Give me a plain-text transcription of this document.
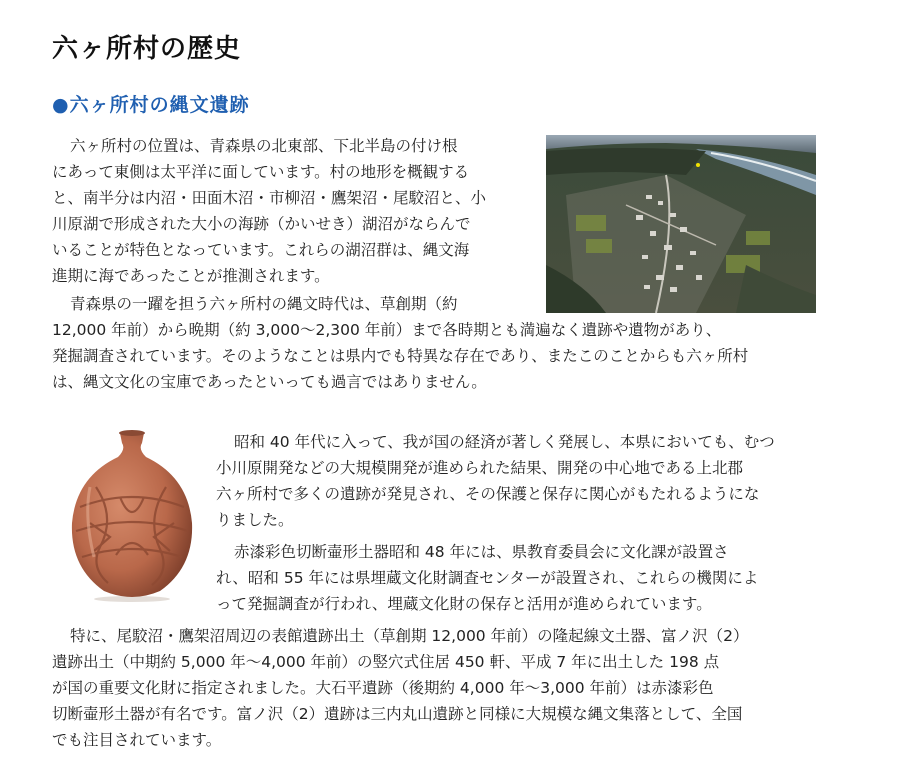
六ヶ所村の歴史
●六ヶ所村の縄文遺跡
六ヶ所村の位置は、青森県の北東部、下北半島の付け根
にあって東側は太平洋に面しています。村の地形を概観する
と、南半分は内沼・田面木沼・市柳沼・鷹架沼・尾駮沼と、小
川原湖で形成された大小の海跡（かいせき）湖沼がならんで
いることが特色となっています。これらの湖沼群は、縄文海
進期に海であったことが推測されます。
青森県の一躍を担う六ヶ所村の縄文時代は、草創期（約
12,000 年前）から晩期（約 3,000～2,300 年前）まで各時期とも満遍なく遺跡や遺物があり、
発掘調査されています。そのようなことは県内でも特異な存在であり、またこのことからも六ヶ所村
は、縄文文化の宝庫であったといっても過言ではありません。
昭和 40 年代に入って、我が国の経済が著しく発展し、本県においても、むつ
小川原開発などの大規模開発が進められた結果、開発の中心地である上北郡
六ヶ所村で多くの遺跡が発見され、その保護と保存に関心がもたれるようにな
りました。
赤漆彩色切断壷形土器昭和 48 年には、県教育委員会に文化課が設置さ
れ、昭和 55 年には県埋蔵文化財調査センターが設置され、これらの機関によ
って発掘調査が行われ、埋蔵文化財の保存と活用が進められています。
特に、尾駮沼・鷹架沼周辺の表館遺跡出土（草創期 12,000 年前）の隆起線文土器、富ノ沢（2）
遺跡出土（中期約 5,000 年～4,000 年前）の竪穴式住居 450 軒、平成 7 年に出土した 198 点
が国の重要文化財に指定されました。大石平遺跡（後期約 4,000 年～3,000 年前）は赤漆彩色
切断壷形土器が有名です。富ノ沢（2）遺跡は三内丸山遺跡と同様に大規模な縄文集落として、全国
でも注目されています。
